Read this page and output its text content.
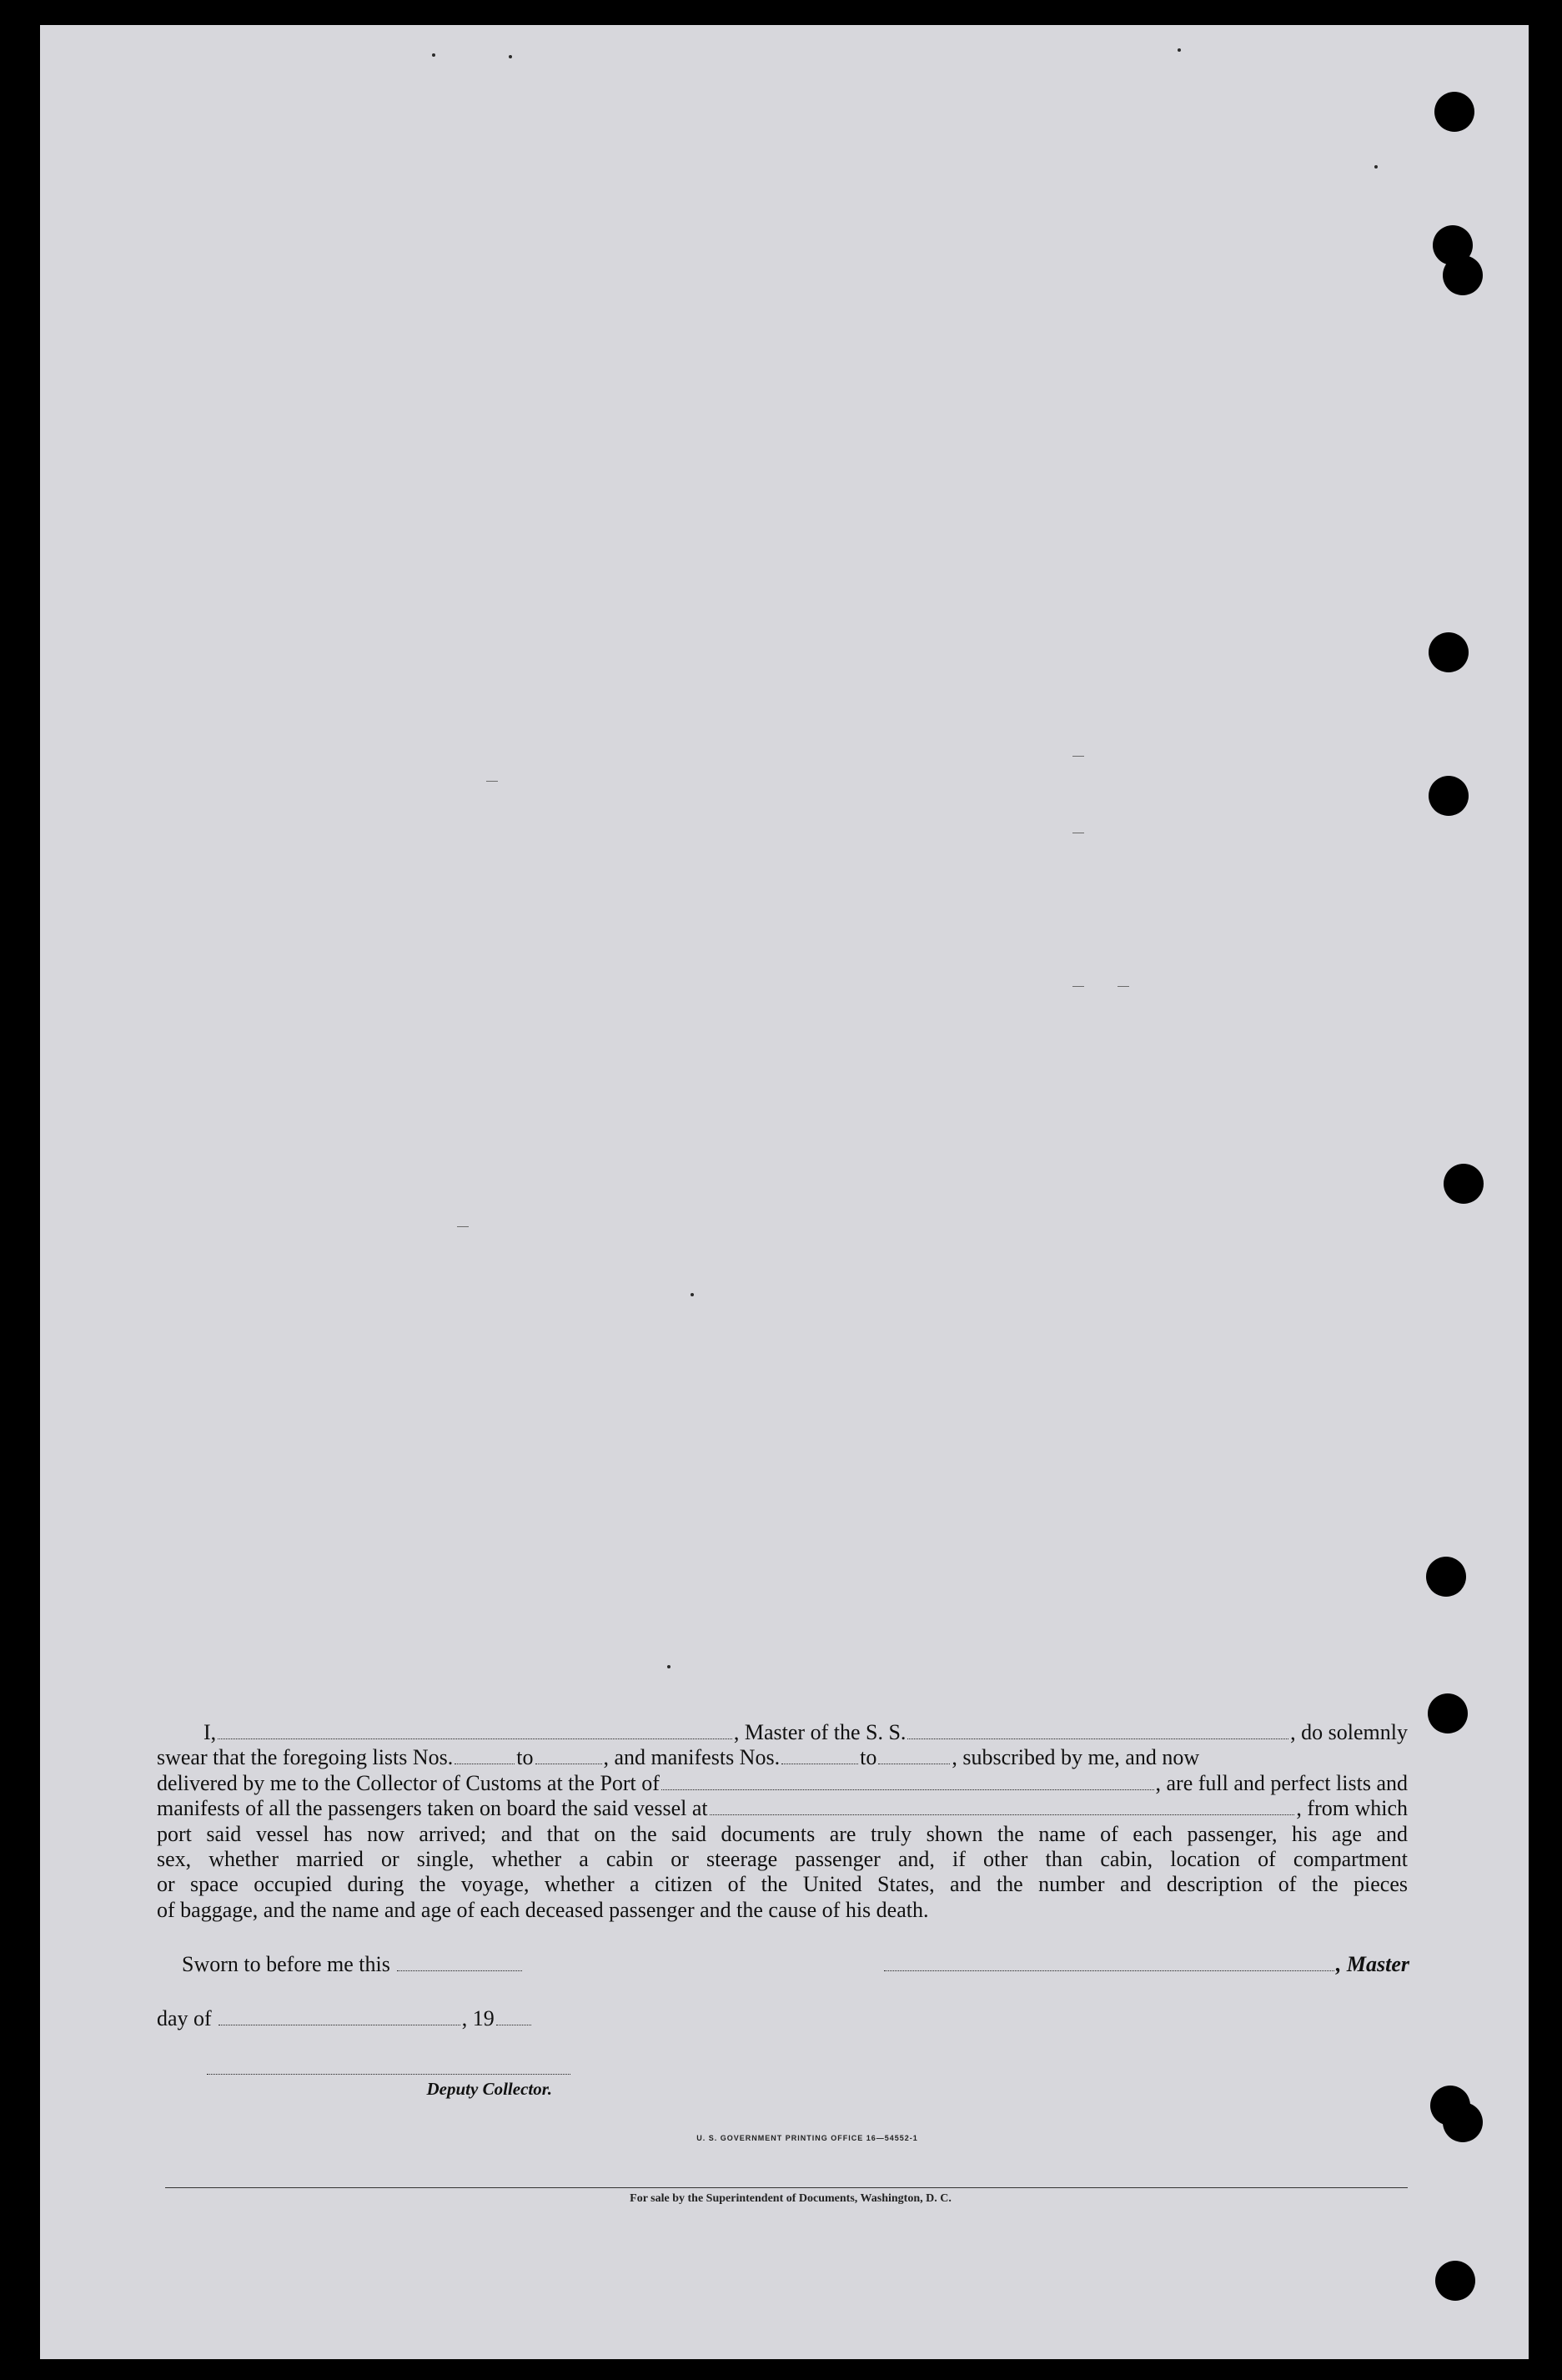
I,	, Master of the S. S.	, do solemnly
swear that the foregoing lists Nos.	to	, and manifests Nos.	to	, subscribed by me, and now
delivered by me to the Collector of Customs at the Port of	, are full and perfect lists and
manifests of all the passengers taken on board the said vessel at	, from which
port said vessel has now arrived; and that on the said documents are truly shown the name of each passenger, his age and
sex, whether married or single, whether a cabin or steerage passenger and, if other than cabin, location of compartment
or space occupied during the voyage, whether a citizen of the United States, and the number and description of the pieces
of baggage, and the name and age of each deceased passenger and the cause of his death.
Sworn to before me this	, Master
day of	, 19
Deputy Collector.
U. S. GOVERNMENT PRINTING OFFICE 16—54552-1
For sale by the Superintendent of Documents, Washington, D. C.
